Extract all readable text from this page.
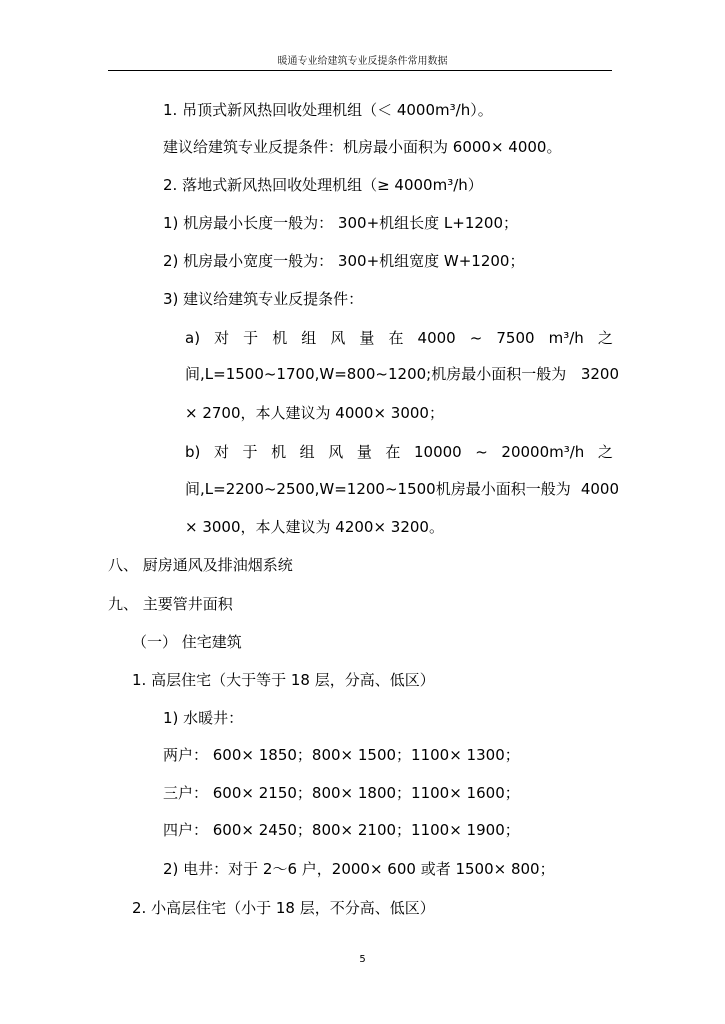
暖通专业给建筑专业反提条件常用数据
1. 吊顶式新风热回收处理机组（＜ 4000m³/h）。
建议给建筑专业反提条件：机房最小面积为 6000× 4000。
2. 落地式新风热回收处理机组（≥ 4000m³/h）
1) 机房最小长度一般为： 300+机组长度 L+1200；
2) 机房最小宽度一般为： 300+机组宽度 W+1200；
3) 建议给建筑专业反提条件：
a) 对 于 机 组 风 量 在 4000 ~ 7500 m³/h 之
间,L=1500~1700,W=800~1200;机房最小面积一般为 3200
× 2700，本人建议为 4000× 3000；
b) 对 于 机 组 风 量 在 10000 ~ 20000m³/h 之
间,L=2200~2500,W=1200~1500机房最小面积一般为 4000
× 3000，本人建议为 4200× 3200。
八、 厨房通风及排油烟系统
九、 主要管井面积
（一） 住宅建筑
1. 高层住宅（大于等于 18 层，分高、低区）
1) 水暖井：
两户： 600× 1850；800× 1500；1100× 1300；
三户： 600× 2150；800× 1800；1100× 1600；
四户： 600× 2450；800× 2100；1100× 1900；
2) 电井：对于 2～6 户，2000× 600 或者 1500× 800；
2. 小高层住宅（小于 18 层，不分高、低区）
5
